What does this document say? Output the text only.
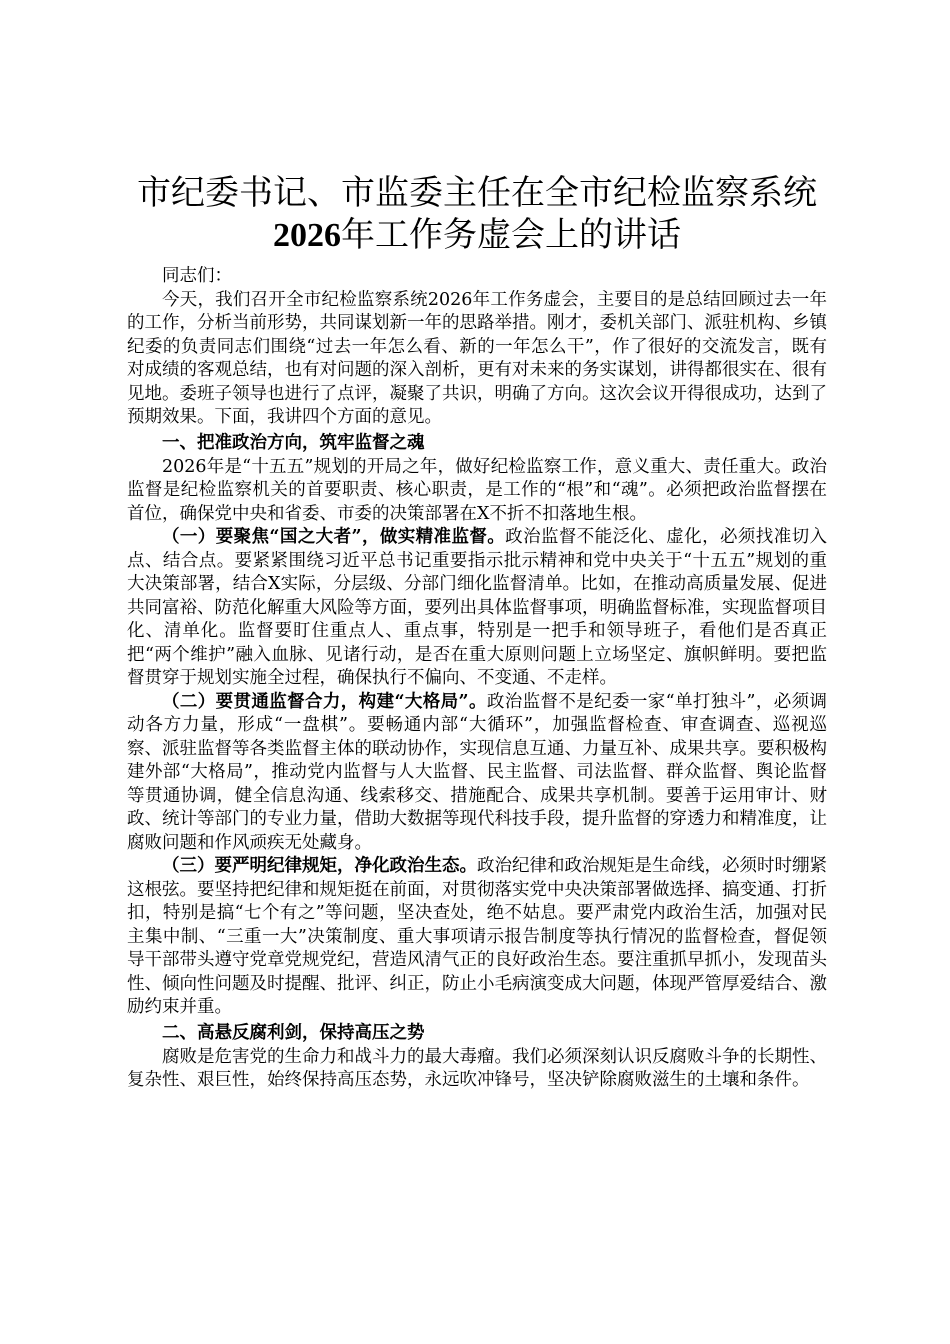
市纪委书记、市监委主任在全市纪检监察系统
2026年工作务虚会上的讲话

同志们：

今天，我们召开全市纪检监察系统2026年工作务虚会，主要目的是总结回顾过去一年的工作，分析当前形势，共同谋划新一年的思路举措。刚才，委机关部门、派驻机构、乡镇纪委的负责同志们围绕“过去一年怎么看、新的一年怎么干”，作了很好的交流发言，既有对成绩的客观总结，也有对问题的深入剖析，更有对未来的务实谋划，讲得都很实在、很有见地。委班子领导也进行了点评，凝聚了共识，明确了方向。这次会议开得很成功，达到了预期效果。下面，我讲四个方面的意见。

一、把准政治方向，筑牢监督之魂

2026年是“十五五”规划的开局之年，做好纪检监察工作，意义重大、责任重大。政治监督是纪检监察机关的首要职责、核心职责，是工作的“根”和“魂”。必须把政治监督摆在首位，确保党中央和省委、市委的决策部署在X不折不扣落地生根。

（一）要聚焦“国之大者”，做实精准监督。政治监督不能泛化、虚化，必须找准切入点、结合点。要紧紧围绕习近平总书记重要指示批示精神和党中央关于“十五五”规划的重大决策部署，结合X实际，分层级、分部门细化监督清单。比如，在推动高质量发展、促进共同富裕、防范化解重大风险等方面，要列出具体监督事项，明确监督标准，实现监督项目化、清单化。监督要盯住重点人、重点事，特别是一把手和领导班子，看他们是否真正把“两个维护”融入血脉、见诸行动，是否在重大原则问题上立场坚定、旗帜鲜明。要把监督贯穿于规划实施全过程，确保执行不偏向、不变通、不走样。

（二）要贯通监督合力，构建“大格局”。政治监督不是纪委一家“单打独斗”，必须调动各方力量，形成“一盘棋”。要畅通内部“大循环”，加强监督检查、审查调查、巡视巡察、派驻监督等各类监督主体的联动协作，实现信息互通、力量互补、成果共享。要积极构建外部“大格局”，推动党内监督与人大监督、民主监督、司法监督、群众监督、舆论监督等贯通协调，健全信息沟通、线索移交、措施配合、成果共享机制。要善于运用审计、财政、统计等部门的专业力量，借助大数据等现代科技手段，提升监督的穿透力和精准度，让腐败问题和作风顽疾无处藏身。

（三）要严明纪律规矩，净化政治生态。政治纪律和政治规矩是生命线，必须时时绷紧这根弦。要坚持把纪律和规矩挺在前面，对贯彻落实党中央决策部署做选择、搞变通、打折扣，特别是搞“七个有之”等问题，坚决查处，绝不姑息。要严肃党内政治生活，加强对民主集中制、“三重一大”决策制度、重大事项请示报告制度等执行情况的监督检查，督促领导干部带头遵守党章党规党纪，营造风清气正的良好政治生态。要注重抓早抓小，发现苗头性、倾向性问题及时提醒、批评、纠正，防止小毛病演变成大问题，体现严管厚爱结合、激励约束并重。

二、高悬反腐利剑，保持高压之势

腐败是危害党的生命力和战斗力的最大毒瘤。我们必须深刻认识反腐败斗争的长期性、复杂性、艰巨性，始终保持高压态势，永远吹冲锋号，坚决铲除腐败滋生的土壤和条件。
